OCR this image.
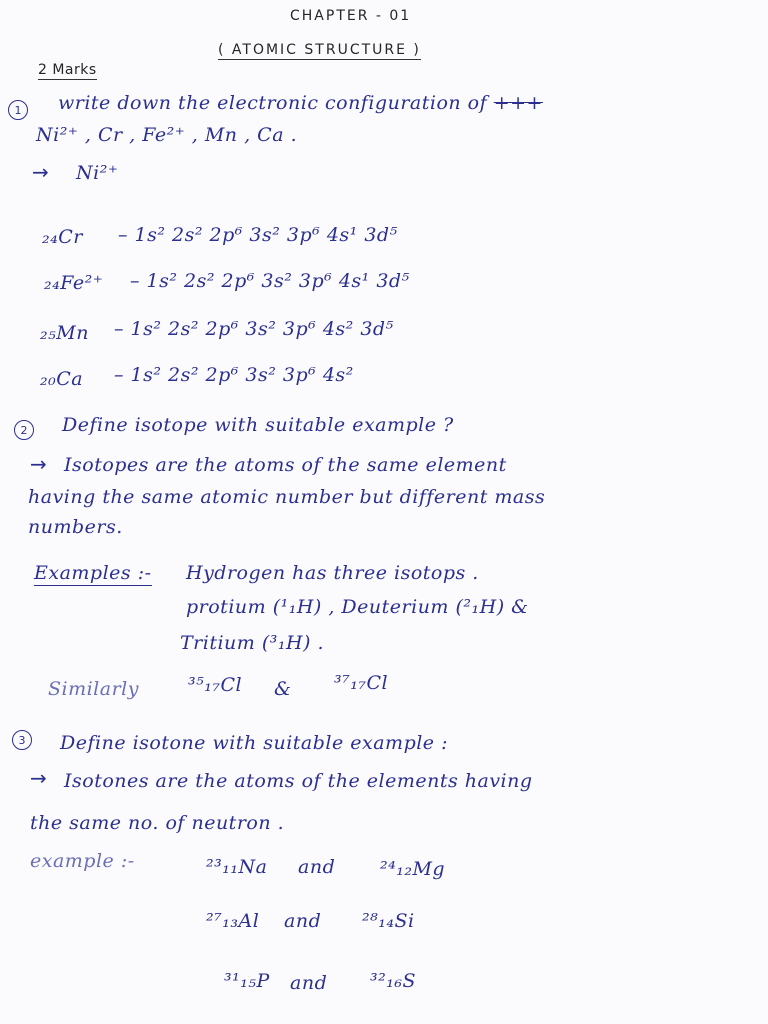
CHAPTER - 01
( ATOMIC STRUCTURE )
2 Marks
1	write down the electronic configuration of +++
Ni²⁺ , Cr , Fe²⁺ , Mn , Ca .
→ Ni²⁺
₂₄Cr – 1s² 2s² 2p⁶ 3s² 3p⁶ 4s¹ 3d⁵
₂₄Fe²⁺ – 1s² 2s² 2p⁶ 3s² 3p⁶ 4s¹ 3d⁵
₂₅Mn – 1s² 2s² 2p⁶ 3s² 3p⁶ 4s² 3d⁵
₂₀Ca – 1s² 2s² 2p⁶ 3s² 3p⁶ 4s²
2	Define isotope with suitable example ?
→ Isotopes are the atoms of the same element
having the same atomic number but different mass
numbers.
Examples :- Hydrogen has three isotops .
protium (¹₁H) , Deuterium (²₁H) &
Tritium (³₁H) .
Similarly	³⁵₁₇Cl & ³⁷₁₇Cl
3	Define isotone with suitable example :
→ Isotones are the atoms of the elements having
the same no. of neutron .
example :-	²³₁₁Na and ²⁴₁₂Mg
²⁷₁₃Al and ²⁸₁₄Si
³¹₁₅P and ³²₁₆S
